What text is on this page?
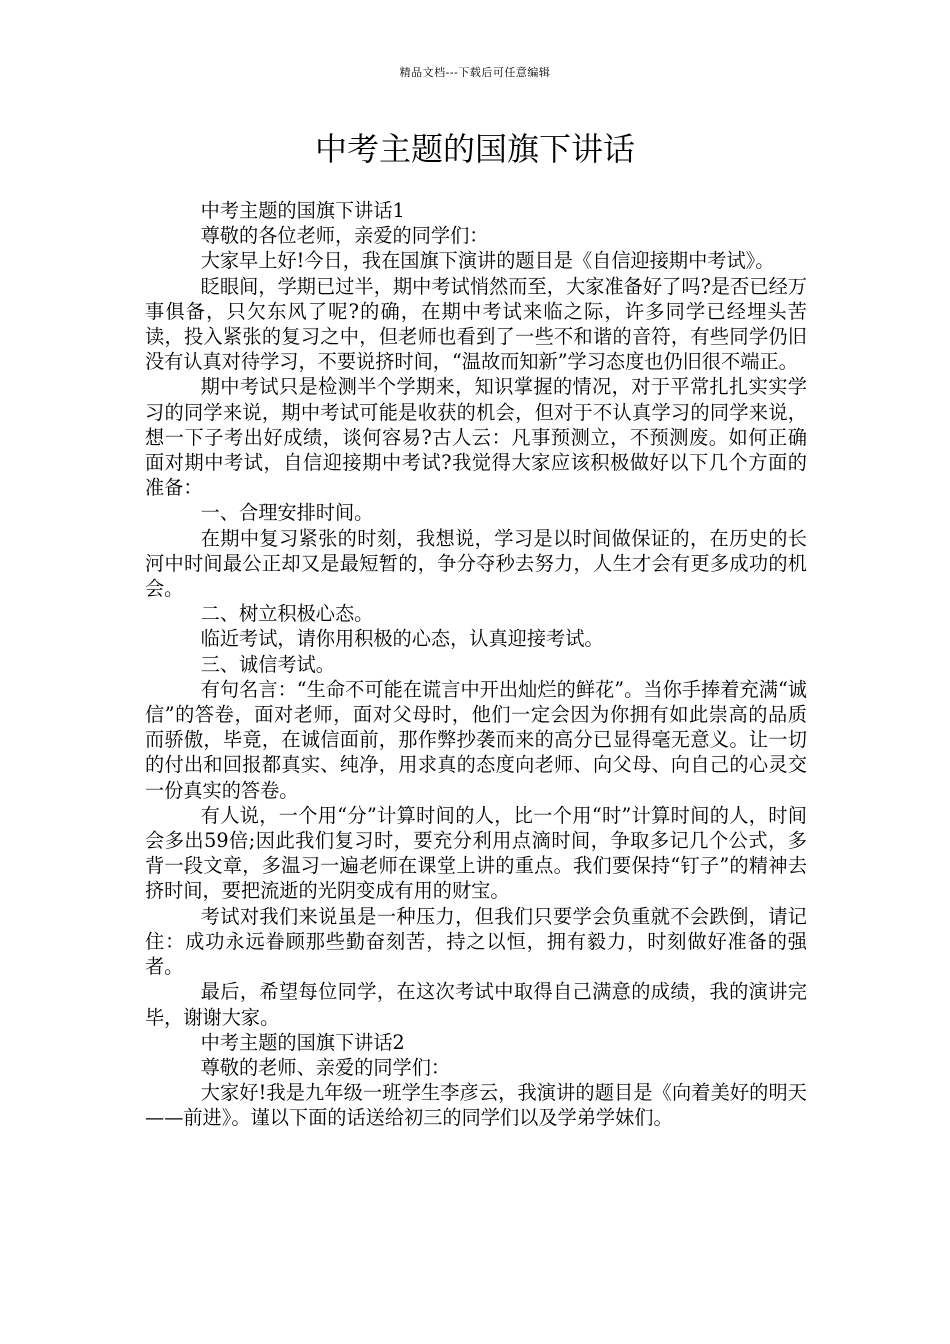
精品文档---下载后可任意编辑
中考主题的国旗下讲话

中考主题的国旗下讲话1

尊敬的各位老师，亲爱的同学们：

大家早上好!今日，我在国旗下演讲的题目是《自信迎接期中考试》。

眨眼间，学期已过半，期中考试悄然而至，大家准备好了吗?是否已经万事俱备，只欠东风了呢?的确，在期中考试来临之际，许多同学已经埋头苦读，投入紧张的复习之中，但老师也看到了一些不和谐的音符，有些同学仍旧没有认真对待学习，不要说挤时间，“温故而知新”学习态度也仍旧很不端正。

期中考试只是检测半个学期来，知识掌握的情况，对于平常扎扎实实学习的同学来说，期中考试可能是收获的机会，但对于不认真学习的同学来说，想一下子考出好成绩，谈何容易?古人云：凡事预测立，不预测废。如何正确面对期中考试，自信迎接期中考试?我觉得大家应该积极做好以下几个方面的准备：

一、合理安排时间。

在期中复习紧张的时刻，我想说，学习是以时间做保证的，在历史的长河中时间最公正却又是最短暂的，争分夺秒去努力，人生才会有更多成功的机会。

二、树立积极心态。

临近考试，请你用积极的心态，认真迎接考试。

三、诚信考试。

有句名言：“生命不可能在谎言中开出灿烂的鲜花”。当你手捧着充满“诚信”的答卷，面对老师，面对父母时，他们一定会因为你拥有如此崇高的品质而骄傲，毕竟，在诚信面前，那作弊抄袭而来的高分已显得毫无意义。让一切的付出和回报都真实、纯净，用求真的态度向老师、向父母、向自己的心灵交一份真实的答卷。

有人说，一个用“分”计算时间的人，比一个用“时”计算时间的人，时间会多出59倍;因此我们复习时，要充分利用点滴时间，争取多记几个公式，多背一段文章，多温习一遍老师在课堂上讲的重点。我们要保持“钉子”的精神去挤时间，要把流逝的光阴变成有用的财宝。

考试对我们来说虽是一种压力，但我们只要学会负重就不会跌倒，请记住：成功永远眷顾那些勤奋刻苦，持之以恒，拥有毅力，时刻做好准备的强者。

最后，希望每位同学，在这次考试中取得自己满意的成绩，我的演讲完毕，谢谢大家。

中考主题的国旗下讲话2

尊敬的老师、亲爱的同学们：

大家好!我是九年级一班学生李彦云，我演讲的题目是《向着美好的明天——前进》。谨以下面的话送给初三的同学们以及学弟学妹们。
